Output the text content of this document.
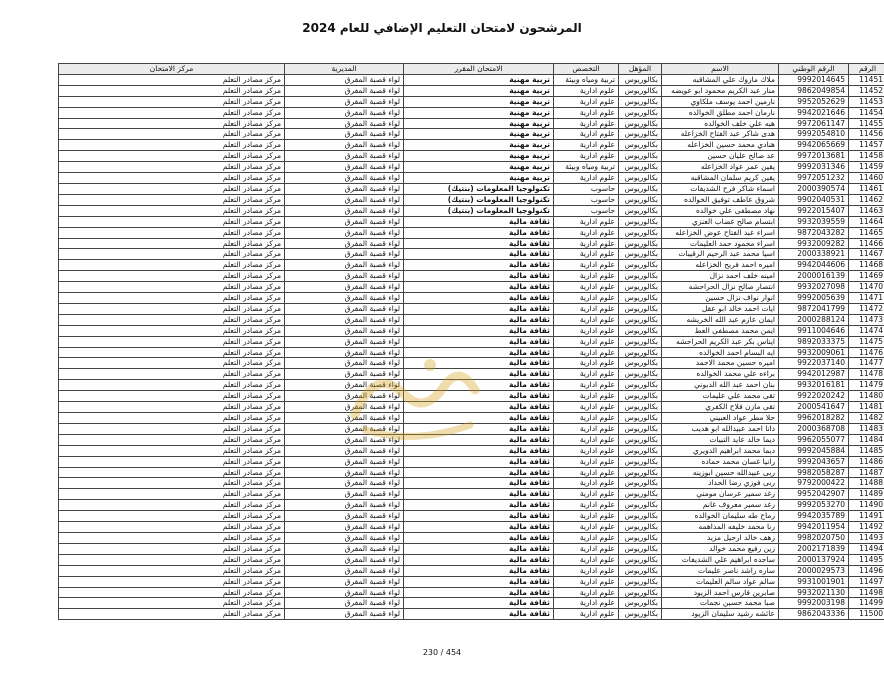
المرشحون لامتحان التعليم الإضافي للعام 2024
الرقم	الرقم الوطني	الاسم	المؤهل	التخصص	الامتحان المقرر	المديرية	مركز الامتحان
11451	9992014645	ملاك مازوك علي المشاقبه	بكالوريوس	تربية ومياه وبيئة	تربية مهنية	لواء قصبة المفرق	مركز مصادر التعلم
11452	9862049854	منار عبد الكريم محمود ابو عويضه	بكالوريوس	علوم ادارية	تربية مهنية	لواء قصبة المفرق	مركز مصادر التعلم
11453	9952052629	نارمين احمد يوسف ملكاوي	بكالوريوس	علوم ادارية	تربية مهنية	لواء قصبة المفرق	مركز مصادر التعلم
11454	9942021646	نارمان احمد مطلق الخوالده	بكالوريوس	علوم ادارية	تربية مهنية	لواء قصبة المفرق	مركز مصادر التعلم
11455	9972061147	هبه علي خلف الخوالده	بكالوريوس	علوم ادارية	تربية مهنية	لواء قصبة المفرق	مركز مصادر التعلم
11456	9992054810	هدى شاكر عبد الفتاح الخزاعله	بكالوريوس	علوم ادارية	تربية مهنية	لواء قصبة المفرق	مركز مصادر التعلم
11457	9942065669	هنادي محمد حسين الخزاعله	بكالوريوس	علوم ادارية	تربية مهنية	لواء قصبة المفرق	مركز مصادر التعلم
11458	9972013681	عد صالح عليان حسين	بكالوريوس	علوم ادارية	تربية مهنية	لواء قصبة المفرق	مركز مصادر التعلم
11459	9992031346	يقين عمر عواد الخزاعله	بكالوريوس	تربية ومياه وبيئة	تربية مهنية	لواء قصبة المفرق	مركز مصادر التعلم
11460	9972051232	يقين كريم سلمان المشاقبه	بكالوريوس	علوم ادارية	تربية مهنية	لواء قصبة المفرق	مركز مصادر التعلم
11461	2000390574	اسماء شاكر فرح الشديفات	بكالوريوس	حاسوب	تكنولوجيا المعلومات (بنتيك)	لواء قصبة المفرق	مركز مصادر التعلم
11462	9902040531	شروق عاطف توفيق الخوالده	بكالوريوس	حاسوب	تكنولوجيا المعلومات (بنتيك)	لواء قصبة المفرق	مركز مصادر التعلم
11463	9922015407	نهاد مصطفى علي خوالده	بكالوريوس	حاسوب	تكنولوجيا المعلومات (بنتيك)	لواء قصبة المفرق	مركز مصادر التعلم
11464	9932039559	ابتسام صالح غضاب العنزي	بكالوريوس	علوم ادارية	ثقافة مالية	لواء قصبة المفرق	مركز مصادر التعلم
11465	9872043282	اسراء عبد الفتاح عوض الخزاعله	بكالوريوس	علوم ادارية	ثقافة مالية	لواء قصبة المفرق	مركز مصادر التعلم
11466	9932009282	اسراء محمود حمد العليمات	بكالوريوس	علوم ادارية	ثقافة مالية	لواء قصبة المفرق	مركز مصادر التعلم
11467	2000338921	اسيا محمد عبد الرحيم الرقيبات	بكالوريوس	علوم ادارية	ثقافة مالية	لواء قصبة المفرق	مركز مصادر التعلم
11468	9942044606	اميره احمد فريح الخزاعله	بكالوريوس	علوم ادارية	ثقافة مالية	لواء قصبة المفرق	مركز مصادر التعلم
11469	2000016139	امينه خلف احمد نزال	بكالوريوس	علوم ادارية	ثقافة مالية	لواء قصبة المفرق	مركز مصادر التعلم
11470	9932027098	انتصار صالح نزال الحراحشه	بكالوريوس	علوم ادارية	ثقافة مالية	لواء قصبة المفرق	مركز مصادر التعلم
11471	9992005639	انوار نواف نزال حسين	بكالوريوس	علوم ادارية	ثقافة مالية	لواء قصبة المفرق	مركز مصادر التعلم
11472	9872041799	ايات احمد خالد ابو عقل	بكالوريوس	علوم ادارية	ثقافة مالية	لواء قصبة المفرق	مركز مصادر التعلم
11473	2000288124	ايمان عازم عبد الله الخريشه	بكالوريوس	علوم ادارية	ثقافة مالية	لواء قصبة المفرق	مركز مصادر التعلم
11474	9911004646	ايمن محمد مصطفى العط	بكالوريوس	علوم ادارية	ثقافة مالية	لواء قصبة المفرق	مركز مصادر التعلم
11475	9892033375	ايناس بكر عبد الكريم الحراحشه	بكالوريوس	علوم ادارية	ثقافة مالية	لواء قصبة المفرق	مركز مصادر التعلم
11476	9932009061	ايه البسام احمد الخوالده	بكالوريوس	علوم ادارية	ثقافة مالية	لواء قصبة المفرق	مركز مصادر التعلم
11477	9922037140	اميره حسين محمد الاحمد	بكالوريوس	علوم ادارية	ثقافة مالية	لواء قصبة المفرق	مركز مصادر التعلم
11478	9942012987	براءه علي محمد الخوالده	بكالوريوس	علوم ادارية	ثقافة مالية	لواء قصبة المفرق	مركز مصادر التعلم
11479	9932016181	بنان احمد عبد الله الدبوني	بكالوريوس	علوم ادارية	ثقافة مالية	لواء قصبة المفرق	مركز مصادر التعلم
11480	9922020242	تقى محمد علي عليمات	بكالوريوس	علوم ادارية	ثقافة مالية	لواء قصبة المفرق	مركز مصادر التعلم
11481	2000541647	تقى مازن فلاح الكفري	بكالوريوس	علوم ادارية	ثقافة مالية	لواء قصبة المفرق	مركز مصادر التعلم
11482	9962018282	حلا مطر عواد العبيني	بكالوريوس	علوم ادارية	ثقافة مالية	لواء قصبة المفرق	مركز مصادر التعلم
11483	2000368708	دانا احمد عبيدالله ابو هديب	بكالوريوس	علوم ادارية	ثقافة مالية	لواء قصبة المفرق	مركز مصادر التعلم
11484	9962055077	ديما خالد عايد التبيات	بكالوريوس	علوم ادارية	ثقافة مالية	لواء قصبة المفرق	مركز مصادر التعلم
11485	9992045884	ديما محمد ابراهيم الدويري	بكالوريوس	علوم ادارية	ثقافة مالية	لواء قصبة المفرق	مركز مصادر التعلم
11486	9992043657	رانيا غسان محمد حماده	بكالوريوس	علوم ادارية	ثقافة مالية	لواء قصبة المفرق	مركز مصادر التعلم
11487	9982058287	ربى عبيدالله حسين ابوزينه	بكالوريوس	علوم ادارية	ثقافة مالية	لواء قصبة المفرق	مركز مصادر التعلم
11488	9792000422	ربى فوزي رضا الحداد	بكالوريوس	علوم ادارية	ثقافة مالية	لواء قصبة المفرق	مركز مصادر التعلم
11489	9952042907	رغد سمير عرسان مومني	بكالوريوس	علوم ادارية	ثقافة مالية	لواء قصبة المفرق	مركز مصادر التعلم
11490	9992053270	رغد سمير معروف غانم	بكالوريوس	علوم ادارية	ثقافة مالية	لواء قصبة المفرق	مركز مصادر التعلم
11491	9942035789	رماح طه سليمان الخوالده	بكالوريوس	علوم ادارية	ثقافة مالية	لواء قصبة المفرق	مركز مصادر التعلم
11492	9942011954	رنا محمد خليفه المداهمه	بكالوريوس	علوم ادارية	ثقافة مالية	لواء قصبة المفرق	مركز مصادر التعلم
11493	9982020750	زهف خالد ارحيل مزيد	بكالوريوس	علوم ادارية	ثقافة مالية	لواء قصبة المفرق	مركز مصادر التعلم
11494	2002171839	زين رفيع محمد خوالد	بكالوريوس	علوم ادارية	ثقافة مالية	لواء قصبة المفرق	مركز مصادر التعلم
11495	2000137924	ساجده ابراهيم علي الشديفات	بكالوريوس	علوم ادارية	ثقافة مالية	لواء قصبة المفرق	مركز مصادر التعلم
11496	2000029573	ساره راشد ناصر عليمات	بكالوريوس	علوم ادارية	ثقافة مالية	لواء قصبة المفرق	مركز مصادر التعلم
11497	9931001901	سالم عواد سالم العليمات	بكالوريوس	علوم ادارية	ثقافة مالية	لواء قصبة المفرق	مركز مصادر التعلم
11498	9932021130	صابرين فارس احمد الزيود	بكالوريوس	علوم ادارية	ثقافة مالية	لواء قصبة المفرق	مركز مصادر التعلم
11499	9992003198	صبا محمد حسين نجمات	بكالوريوس	علوم ادارية	ثقافة مالية	لواء قصبة المفرق	مركز مصادر التعلم
11500	9862043336	عائشه رشيد سليمان الزيود	بكالوريوس	علوم ادارية	ثقافة مالية	لواء قصبة المفرق	مركز مصادر التعلم
230 / 454
